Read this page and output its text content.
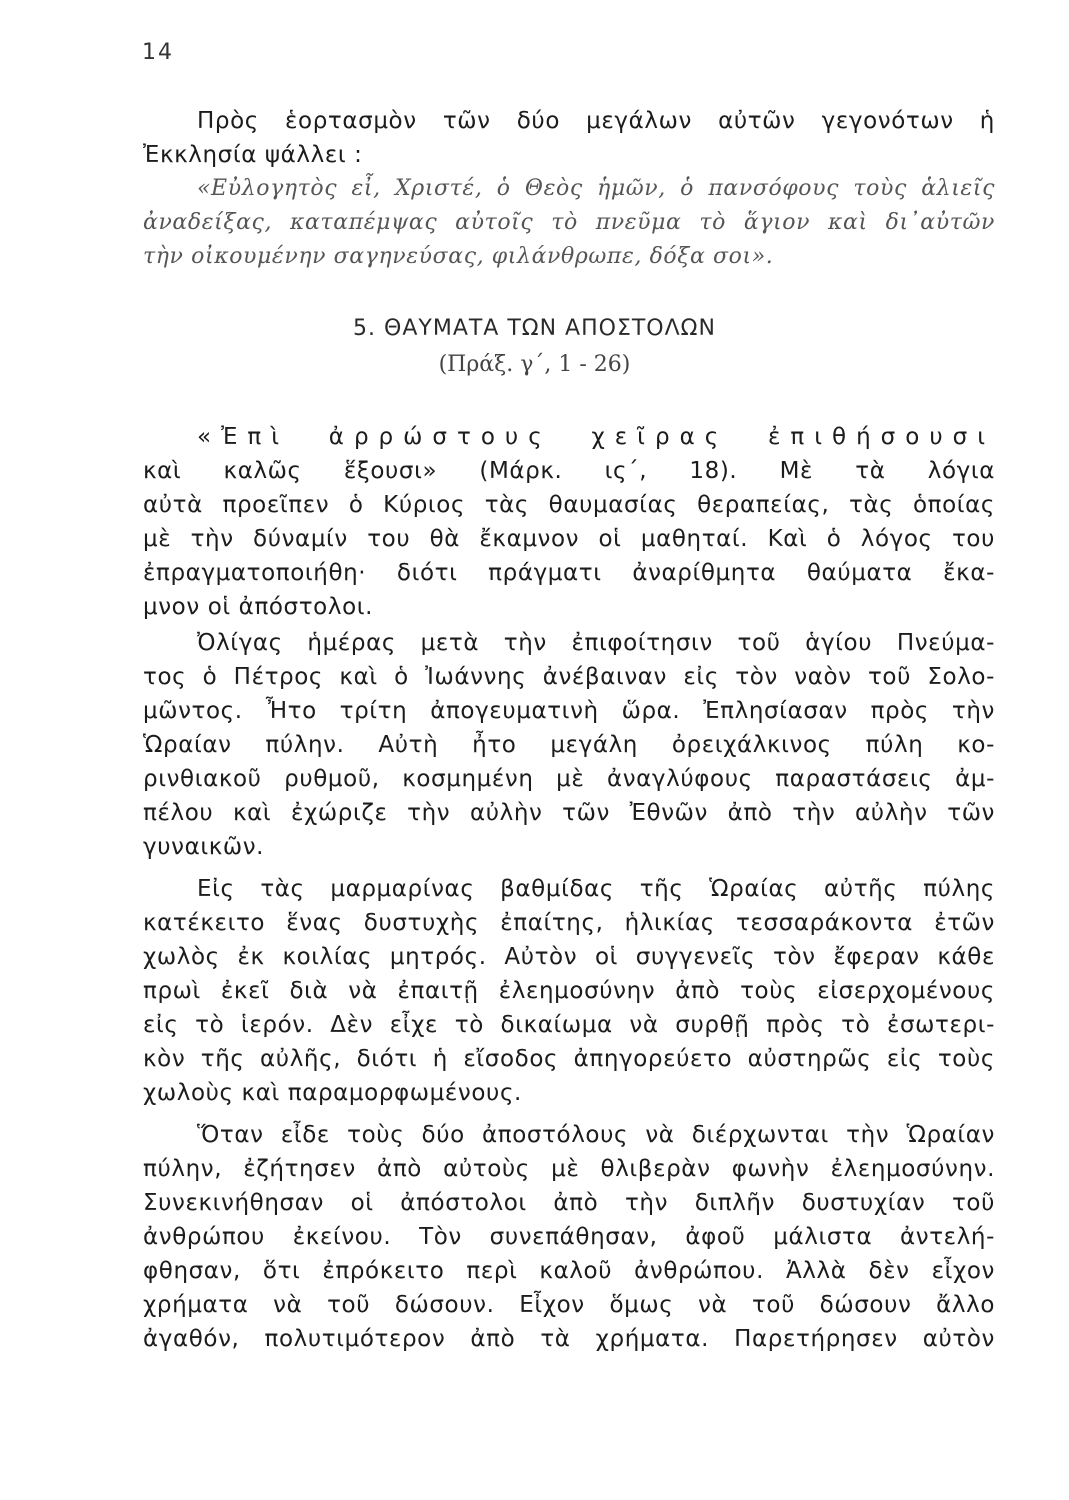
14
Πρὸς ἑορτασμὸν τῶν δύο μεγάλων αὐτῶν γεγονότων ἡ
Ἐκκλησία ψάλλει :
«Εὐλογητὸς εἶ, Χριστέ, ὁ Θεὸς ἡμῶν, ὁ πανσόφους τοὺς ἁλιεῖς
ἀναδείξας, καταπέμψας αὐτοῖς τὸ πνεῦμα τὸ ἅγιον καὶ δι᾽αὐτῶν
τὴν οἰκουμένην σαγηνεύσας, φιλάνθρωπε, δόξα σοι».
5. ΘΑΥΜΑΤΑ ΤΩΝ ΑΠΟΣΤΟΛΩΝ
(Πράξ. γ΄, 1 - 26)
«Ἐπὶ ἀρρώστους χεῖρας ἐπιθήσουσι
καὶ καλῶς ἕξουσι» (Μάρκ. ις΄, 18). Μὲ τὰ λόγια
αὐτὰ προεῖπεν ὁ Κύριος τὰς θαυμασίας θεραπείας, τὰς ὁποίας
μὲ τὴν δύναμίν του θὰ ἔκαμνον οἱ μαθηταί. Καὶ ὁ λόγος του
ἐπραγματοποιήθη· διότι πράγματι ἀναρίθμητα θαύματα ἔκα-
μνον οἱ ἀπόστολοι.
Ὀλίγας ἡμέρας μετὰ τὴν ἐπιφοίτησιν τοῦ ἁγίου Πνεύμα-
τος ὁ Πέτρος καὶ ὁ Ἰωάννης ἀνέβαιναν εἰς τὸν ναὸν τοῦ Σολο-
μῶντος. Ἦτο τρίτη ἀπογευματινὴ ὥρα. Ἐπλησίασαν πρὸς τὴν
Ὡραίαν πύλην. Αὐτὴ ἦτο μεγάλη ὀρειχάλκινος πύλη κο-
ρινθιακοῦ ρυθμοῦ, κοσμημένη μὲ ἀναγλύφους παραστάσεις ἀμ-
πέλου καὶ ἐχώριζε τὴν αὐλὴν τῶν Ἐθνῶν ἀπὸ τὴν αὐλὴν τῶν
γυναικῶν.
Εἰς τὰς μαρμαρίνας βαθμίδας τῆς Ὡραίας αὐτῆς πύλης
κατέκειτο ἕνας δυστυχὴς ἐπαίτης, ἡλικίας τεσσαράκοντα ἐτῶν
χωλὸς ἐκ κοιλίας μητρός. Αὐτὸν οἱ συγγενεῖς τὸν ἔφεραν κάθε
πρωὶ ἐκεῖ διὰ νὰ ἐπαιτῇ ἐλεημοσύνην ἀπὸ τοὺς εἰσερχομένους
εἰς τὸ ἱερόν. Δὲν εἶχε τὸ δικαίωμα νὰ συρθῇ πρὸς τὸ ἐσωτερι-
κὸν τῆς αὐλῆς, διότι ἡ εἴσοδος ἀπηγορεύετο αὐστηρῶς εἰς τοὺς
χωλοὺς καὶ παραμορφωμένους.
Ὅταν εἶδε τοὺς δύο ἀποστόλους νὰ διέρχωνται τὴν Ὡραίαν
πύλην, ἐζήτησεν ἀπὸ αὐτοὺς μὲ θλιβερὰν φωνὴν ἐλεημοσύνην.
Συνεκινήθησαν οἱ ἀπόστολοι ἀπὸ τὴν διπλῆν δυστυχίαν τοῦ
ἀνθρώπου ἐκείνου. Τὸν συνεπάθησαν, ἀφοῦ μάλιστα ἀντελή-
φθησαν, ὅτι ἐπρόκειτο περὶ καλοῦ ἀνθρώπου. Ἀλλὰ δὲν εἶχον
χρήματα νὰ τοῦ δώσουν. Εἶχον ὅμως νὰ τοῦ δώσουν ἄλλο
ἀγαθόν, πολυτιμότερον ἀπὸ τὰ χρήματα. Παρετήρησεν αὐτὸν
